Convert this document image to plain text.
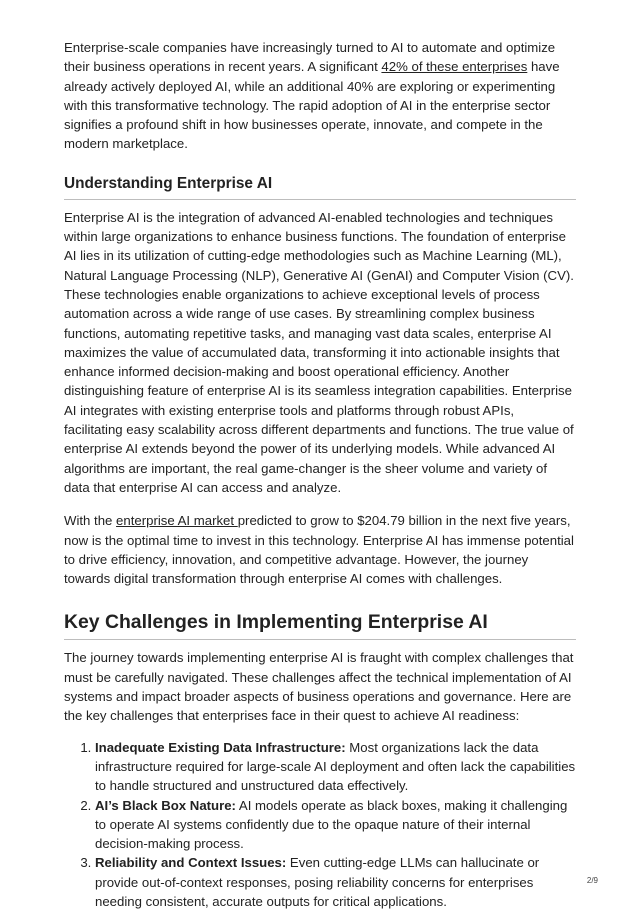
Enterprise-scale companies have increasingly turned to AI to automate and optimize their business operations in recent years. A significant 42% of these enterprises have already actively deployed AI, while an additional 40% are exploring or experimenting with this transformative technology. The rapid adoption of AI in the enterprise sector signifies a profound shift in how businesses operate, innovate, and compete in the modern marketplace.

Understanding Enterprise AI

Enterprise AI is the integration of advanced AI-enabled technologies and techniques within large organizations to enhance business functions. The foundation of enterprise AI lies in its utilization of cutting-edge methodologies such as Machine Learning (ML), Natural Language Processing (NLP), Generative AI (GenAI) and Computer Vision (CV). These technologies enable organizations to achieve exceptional levels of process automation across a wide range of use cases. By streamlining complex business functions, automating repetitive tasks, and managing vast data scales, enterprise AI maximizes the value of accumulated data, transforming it into actionable insights that enhance informed decision-making and boost operational efficiency. Another distinguishing feature of enterprise AI is its seamless integration capabilities. Enterprise AI integrates with existing enterprise tools and platforms through robust APIs, facilitating easy scalability across different departments and functions. The true value of enterprise AI extends beyond the power of its underlying models. While advanced AI algorithms are important, the real game-changer is the sheer volume and variety of data that enterprise AI can access and analyze.

With the enterprise AI market predicted to grow to $204.79 billion in the next five years, now is the optimal time to invest in this technology. Enterprise AI has immense potential to drive efficiency, innovation, and competitive advantage. However, the journey towards digital transformation through enterprise AI comes with challenges.

Key Challenges in Implementing Enterprise AI

The journey towards implementing enterprise AI is fraught with complex challenges that must be carefully navigated. These challenges affect the technical implementation of AI systems and impact broader aspects of business operations and governance. Here are the key challenges that enterprises face in their quest to achieve AI readiness:

1. Inadequate Existing Data Infrastructure: Most organizations lack the data infrastructure required for large-scale AI deployment and often lack the capabilities to handle structured and unstructured data effectively.
2. AI’s Black Box Nature: AI models operate as black boxes, making it challenging to operate AI systems confidently due to the opaque nature of their internal decision-making process.
3. Reliability and Context Issues: Even cutting-edge LLMs can hallucinate or provide out-of-context responses, posing reliability concerns for enterprises needing consistent, accurate outputs for critical applications.
2/9
